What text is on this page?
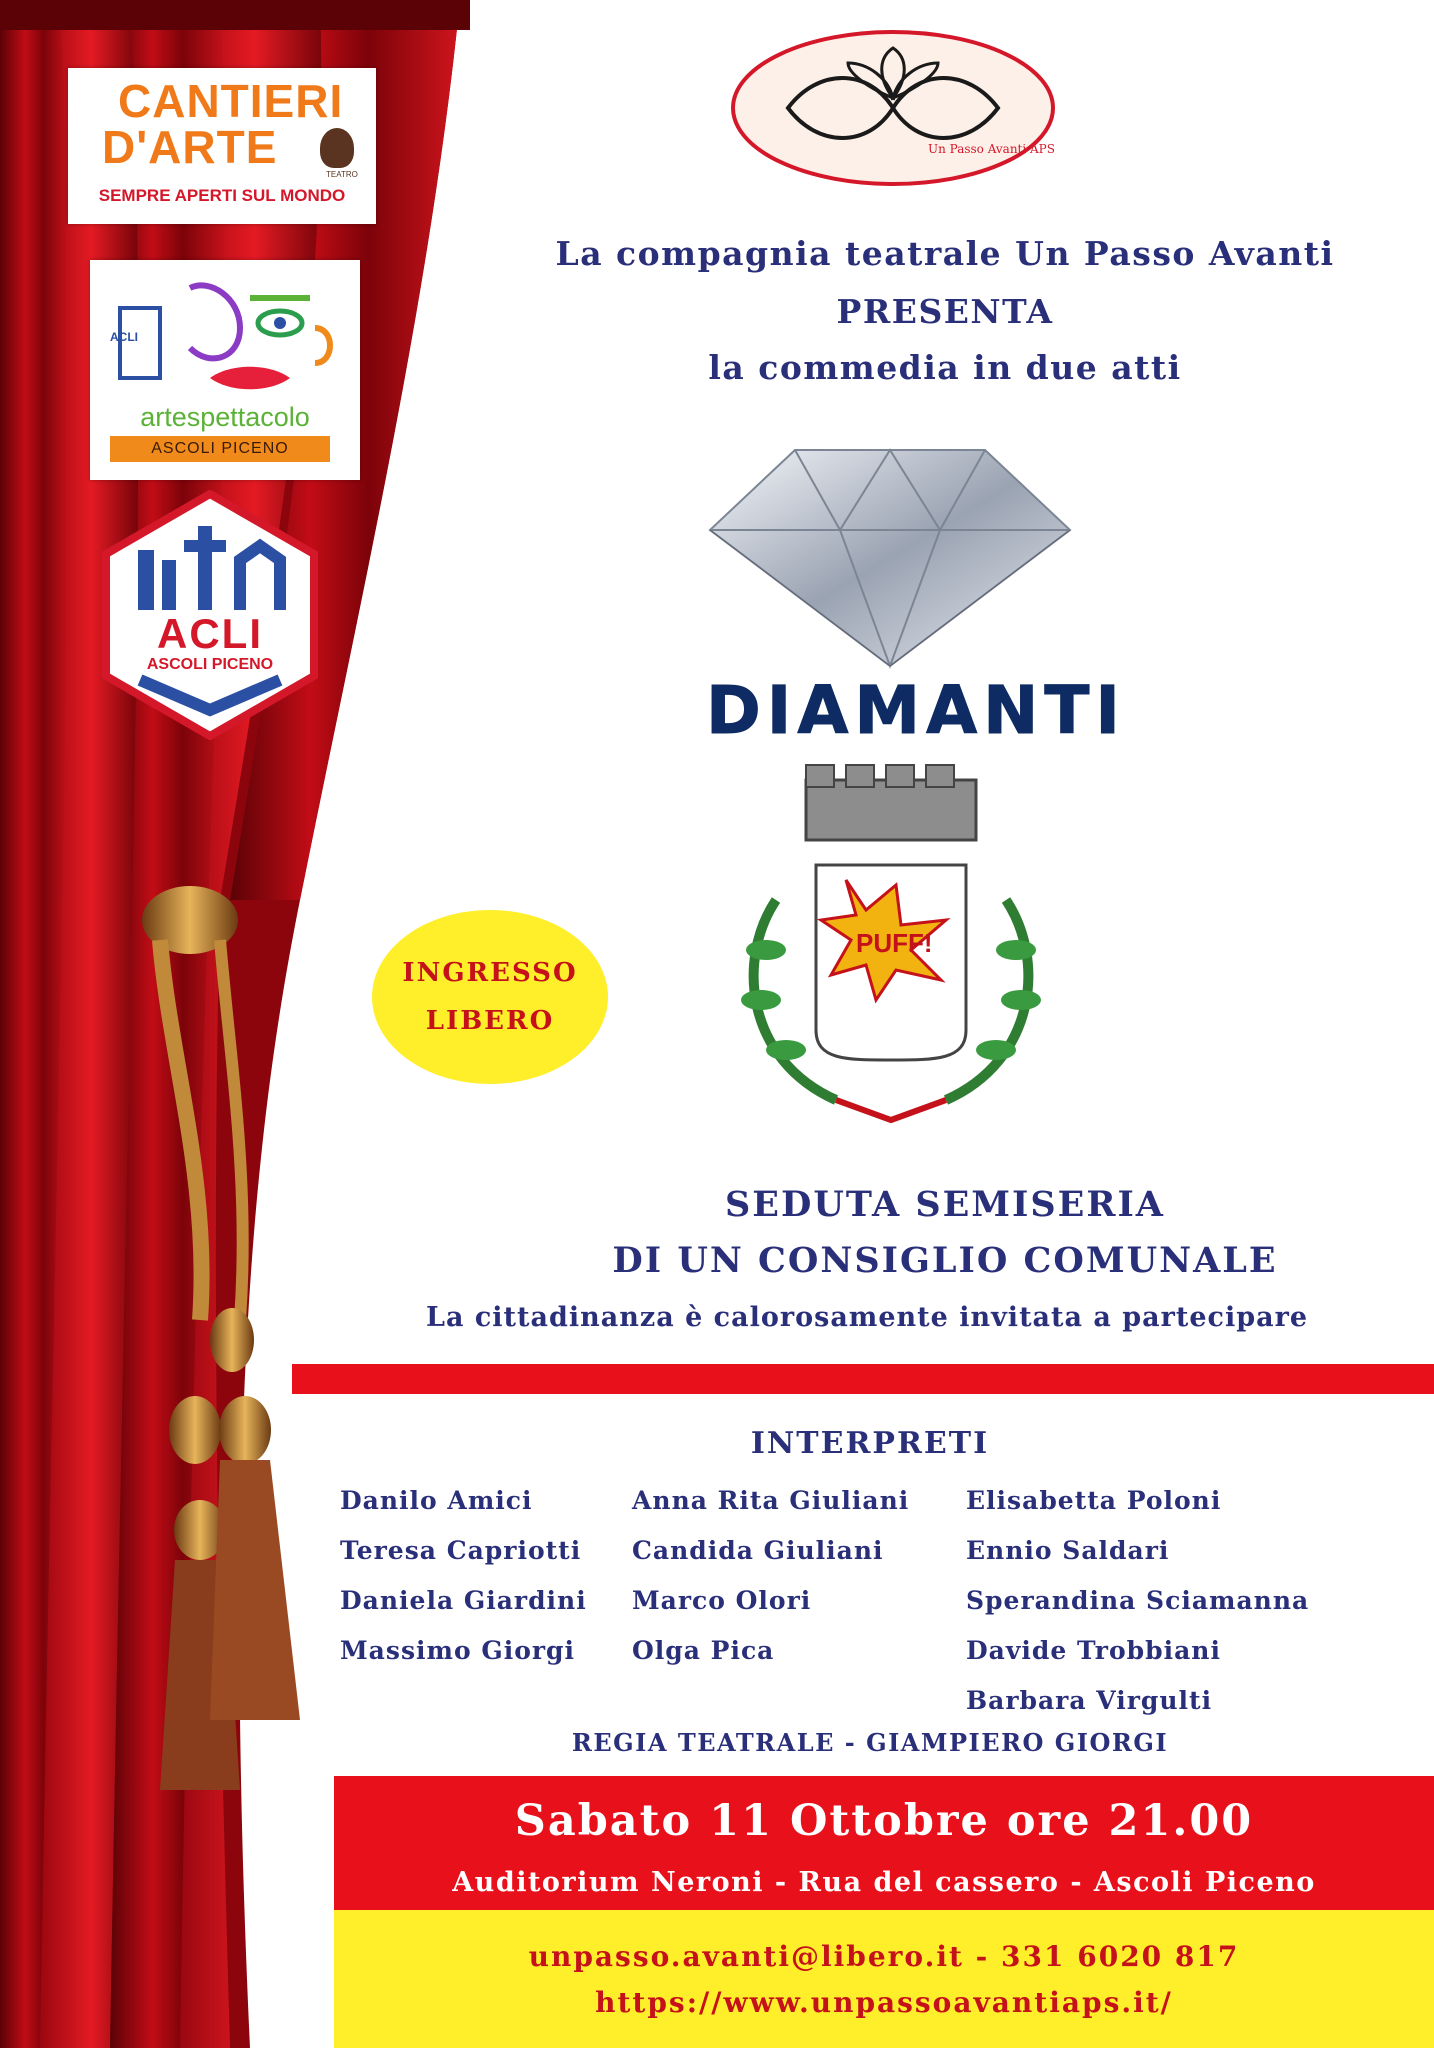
CANTIERI
D'ARTE
TEATRO
SEMPRE APERTI SUL MONDO
ACLI
artespettacolo
ASCOLI PICENO
ACLI
ASCOLI PICENO
Un Passo Avanti APS
La compagnia teatrale Un Passo Avanti
PRESENTA
la commedia in due atti
DIAMANTI
PUFF!
INGRESSO
LIBERO
SEDUTA SEMISERIA
DI UN CONSIGLIO COMUNALE
La cittadinanza è calorosamente invitata a partecipare
INTERPRETI
Danilo Amici
Teresa Capriotti
Daniela Giardini
Massimo Giorgi
Anna Rita Giuliani
Candida Giuliani
Marco Olori
Olga Pica
Elisabetta Poloni
Ennio Saldari
Sperandina Sciamanna
Davide Trobbiani
Barbara Virgulti
REGIA TEATRALE - GIAMPIERO GIORGI
Sabato 11 Ottobre ore 21.00
Auditorium Neroni - Rua del cassero - Ascoli Piceno
unpasso.avanti@libero.it - 331 6020 817
https://www.unpassoavantiaps.it/
